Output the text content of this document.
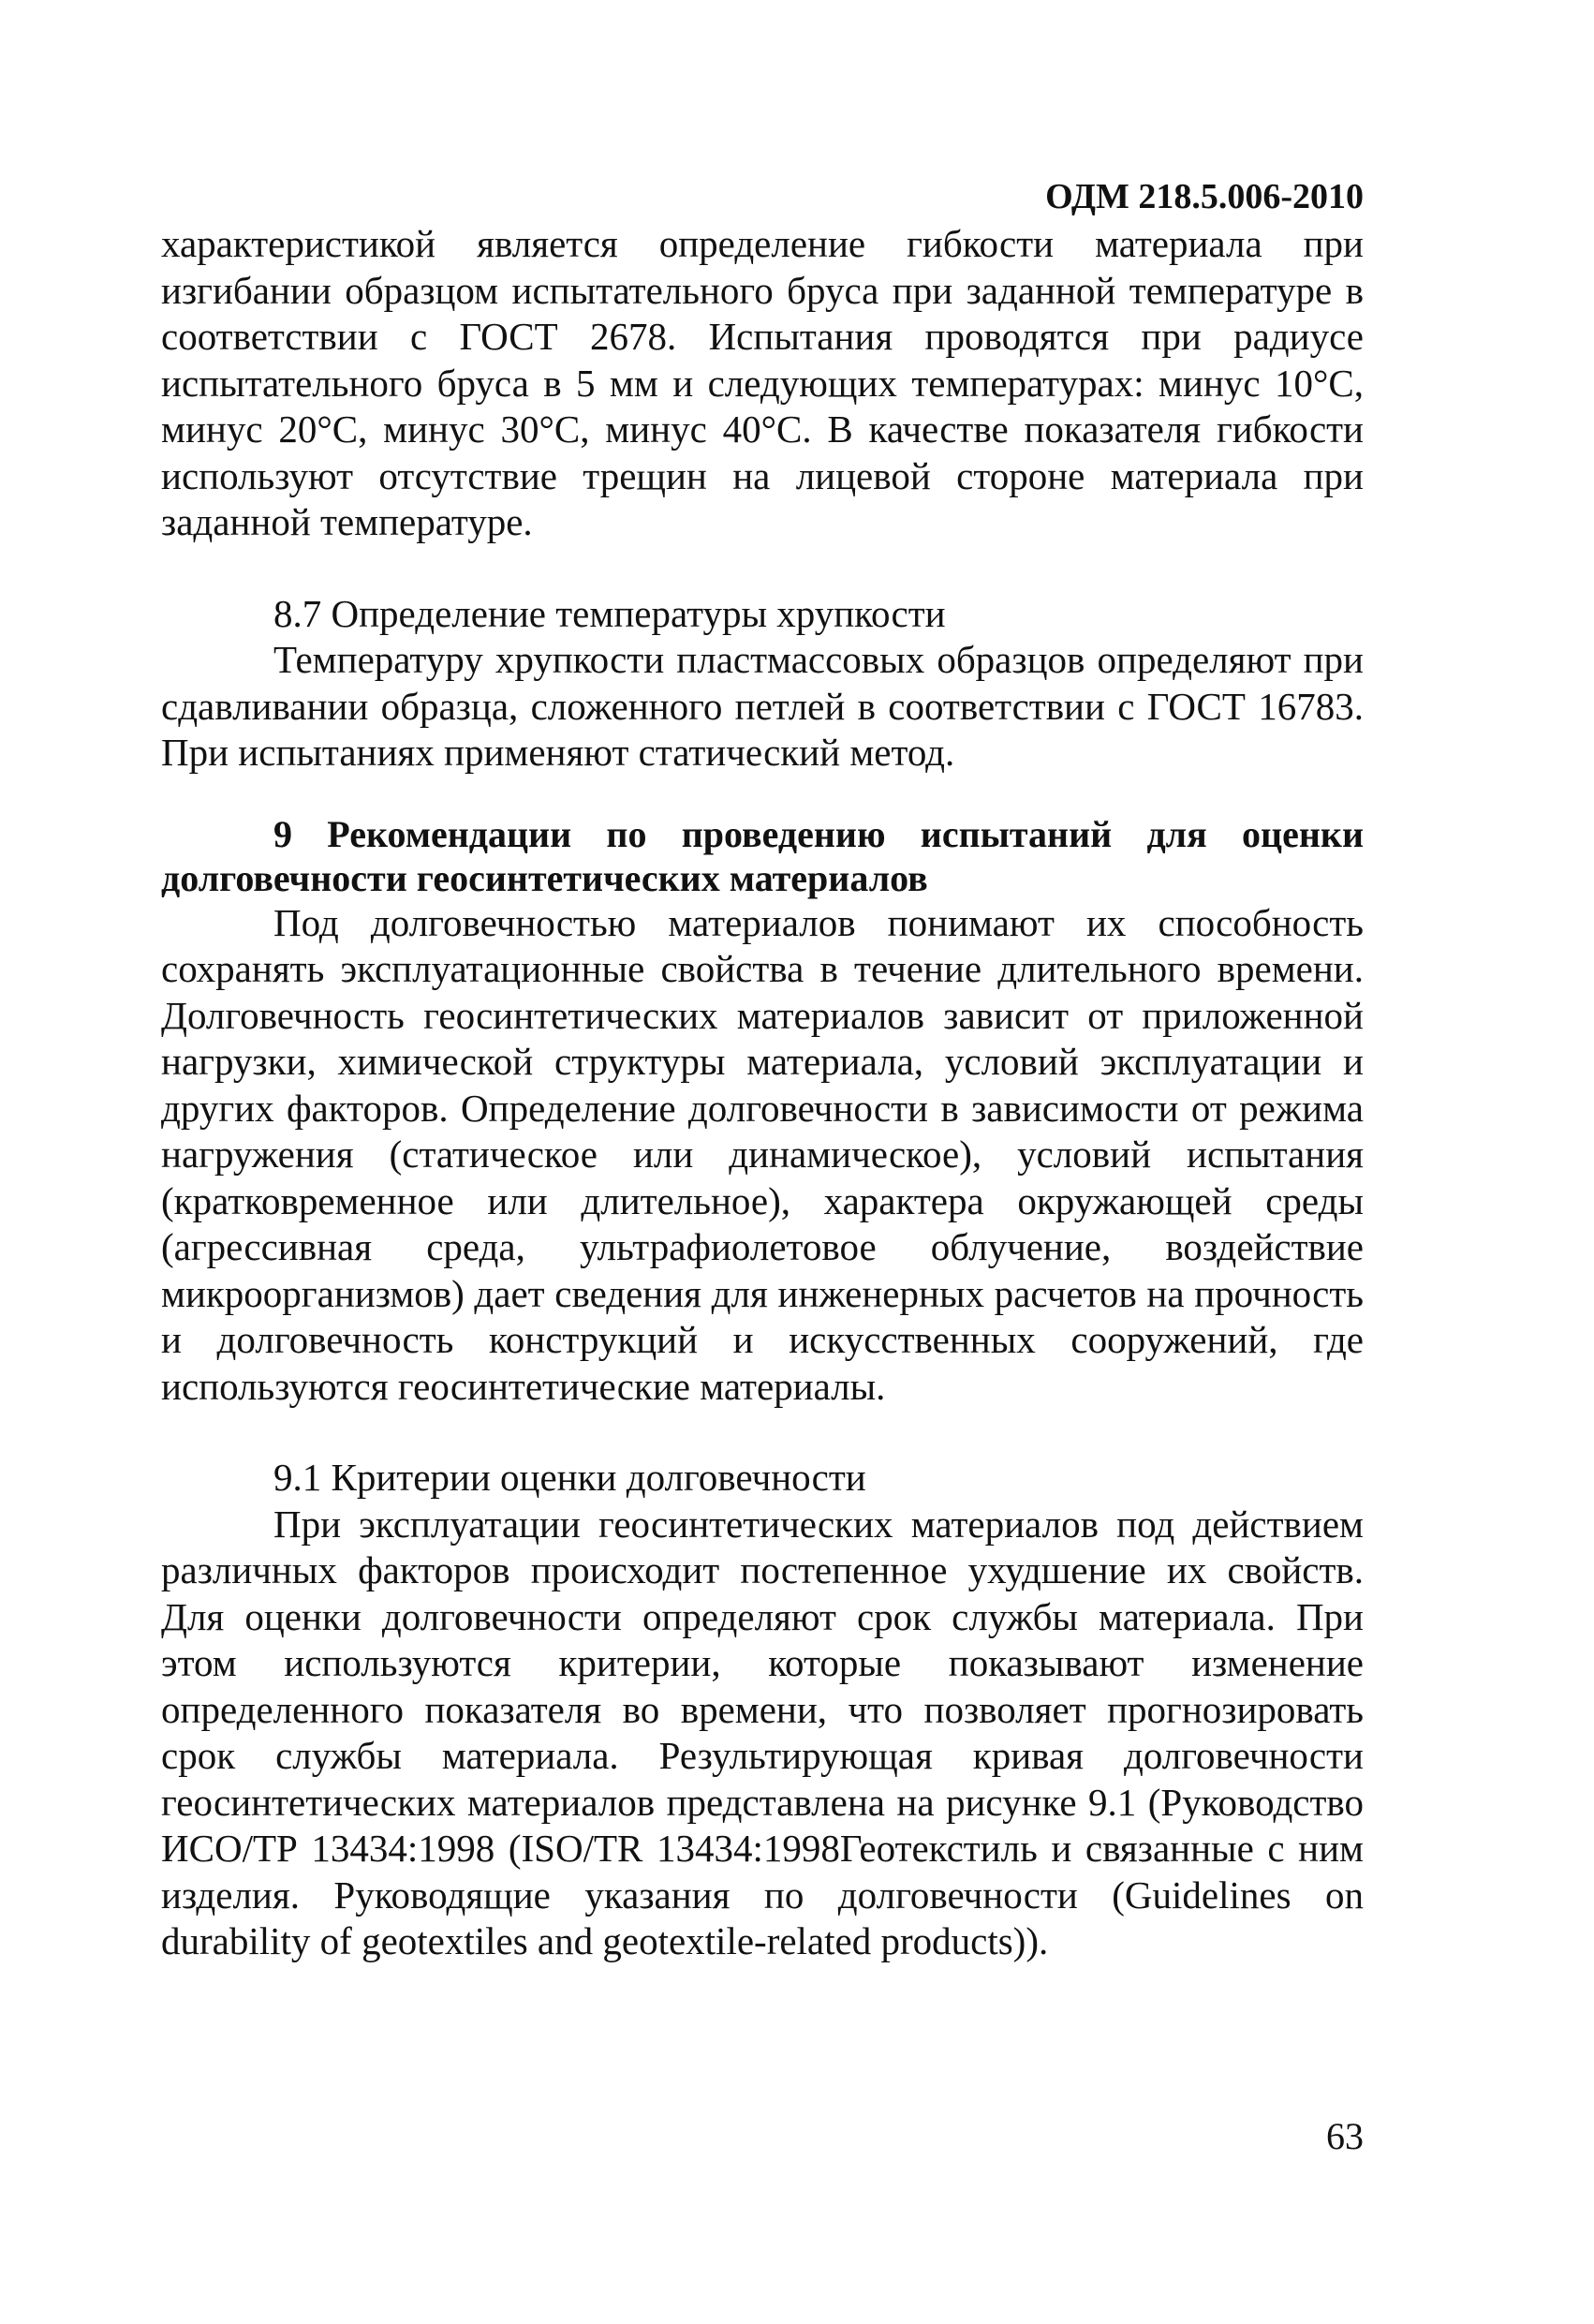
ОДМ 218.5.006-2010

характеристикой является определение гибкости материала при изгибании образцом испытательного бруса при заданной температуре в соответствии с ГОСТ 2678. Испытания проводятся при радиусе испытательного бруса в 5 мм и следующих температурах: минус 10°С, минус 20°С, минус 30°С, минус 40°С. В качестве показателя гибкости используют отсутствие трещин на лицевой стороне материала при заданной температуре.

8.7 Определение температуры хрупкости

Температуру хрупкости пластмассовых образцов определяют при сдавливании образца, сложенного петлей в соответствии с ГОСТ 16783. При испытаниях применяют статический метод.

9 Рекомендации по проведению испытаний для оценки долговечности геосинтетических материалов

Под долговечностью материалов понимают их способность сохранять эксплуатационные свойства в течение длительного времени. Долговечность геосинтетических материалов зависит от приложенной нагрузки, химической структуры материала, условий эксплуатации и других факторов. Определение долговечности в зависимости от режима нагружения (статическое или динамическое), условий испытания (кратковременное или длительное), характера окружающей среды (агрессивная среда, ультрафиолетовое облучение, воздействие микроорганизмов) дает сведения для инженерных расчетов на прочность и долговечность конструкций и искусственных сооружений, где используются геосинтетические материалы.

9.1 Критерии оценки долговечности

При эксплуатации геосинтетических материалов под действием различных факторов происходит постепенное ухудшение их свойств. Для оценки долговечности определяют срок службы материала. При этом используются критерии, которые показывают изменение определенного показателя во времени, что позволяет прогнозировать срок службы материала. Результирующая кривая долговечности геосинтетических материалов представлена на рисунке 9.1 (Руководство ИСО/ТР 13434:1998 (ISO/TR 13434:1998Геотекстиль и связанные с ним изделия. Руководящие указания по долговечности (Guidelines on durability of geotextiles and geotextile-related products)).

63
